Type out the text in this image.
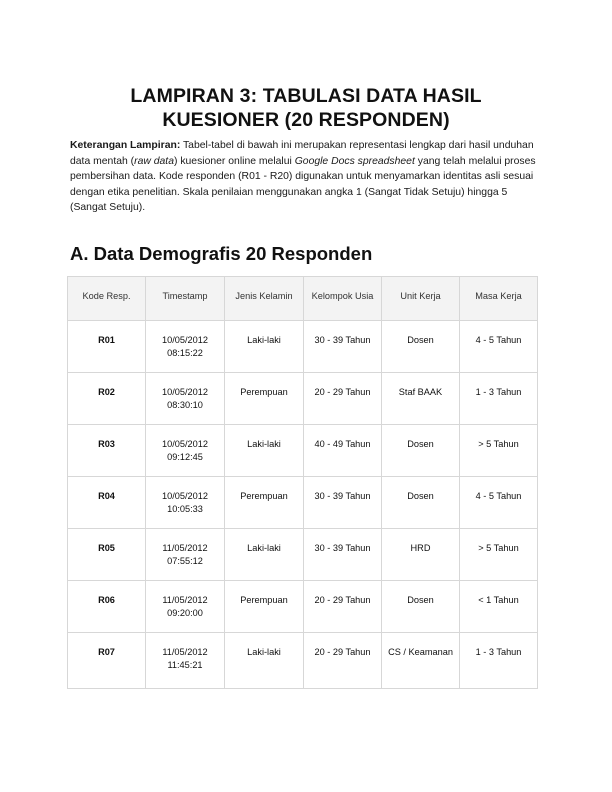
LAMPIRAN 3: TABULASI DATA HASIL
KUESIONER (20 RESPONDEN)
Keterangan Lampiran: Tabel-tabel di bawah ini merupakan representasi lengkap dari hasil unduhan data mentah (raw data) kuesioner online melalui Google Docs spreadsheet yang telah melalui proses pembersihan data. Kode responden (R01 - R20) digunakan untuk menyamarkan identitas asli sesuai dengan etika penelitian. Skala penilaian menggunakan angka 1 (Sangat Tidak Setuju) hingga 5 (Sangat Setuju).
A. Data Demografis 20 Responden
Kode Resp.	Timestamp	Jenis Kelamin	Kelompok Usia	Unit Kerja	Masa Kerja
R01	10/05/2012 08:15:22	Laki-laki	30 - 39 Tahun	Dosen	4 - 5 Tahun
R02	10/05/2012 08:30:10	Perempuan	20 - 29 Tahun	Staf BAAK	1 - 3 Tahun
R03	10/05/2012 09:12:45	Laki-laki	40 - 49 Tahun	Dosen	> 5 Tahun
R04	10/05/2012 10:05:33	Perempuan	30 - 39 Tahun	Dosen	4 - 5 Tahun
R05	11/05/2012 07:55:12	Laki-laki	30 - 39 Tahun	HRD	> 5 Tahun
R06	11/05/2012 09:20:00	Perempuan	20 - 29 Tahun	Dosen	< 1 Tahun
R07	11/05/2012 11:45:21	Laki-laki	20 - 29 Tahun	CS / Keamanan	1 - 3 Tahun
